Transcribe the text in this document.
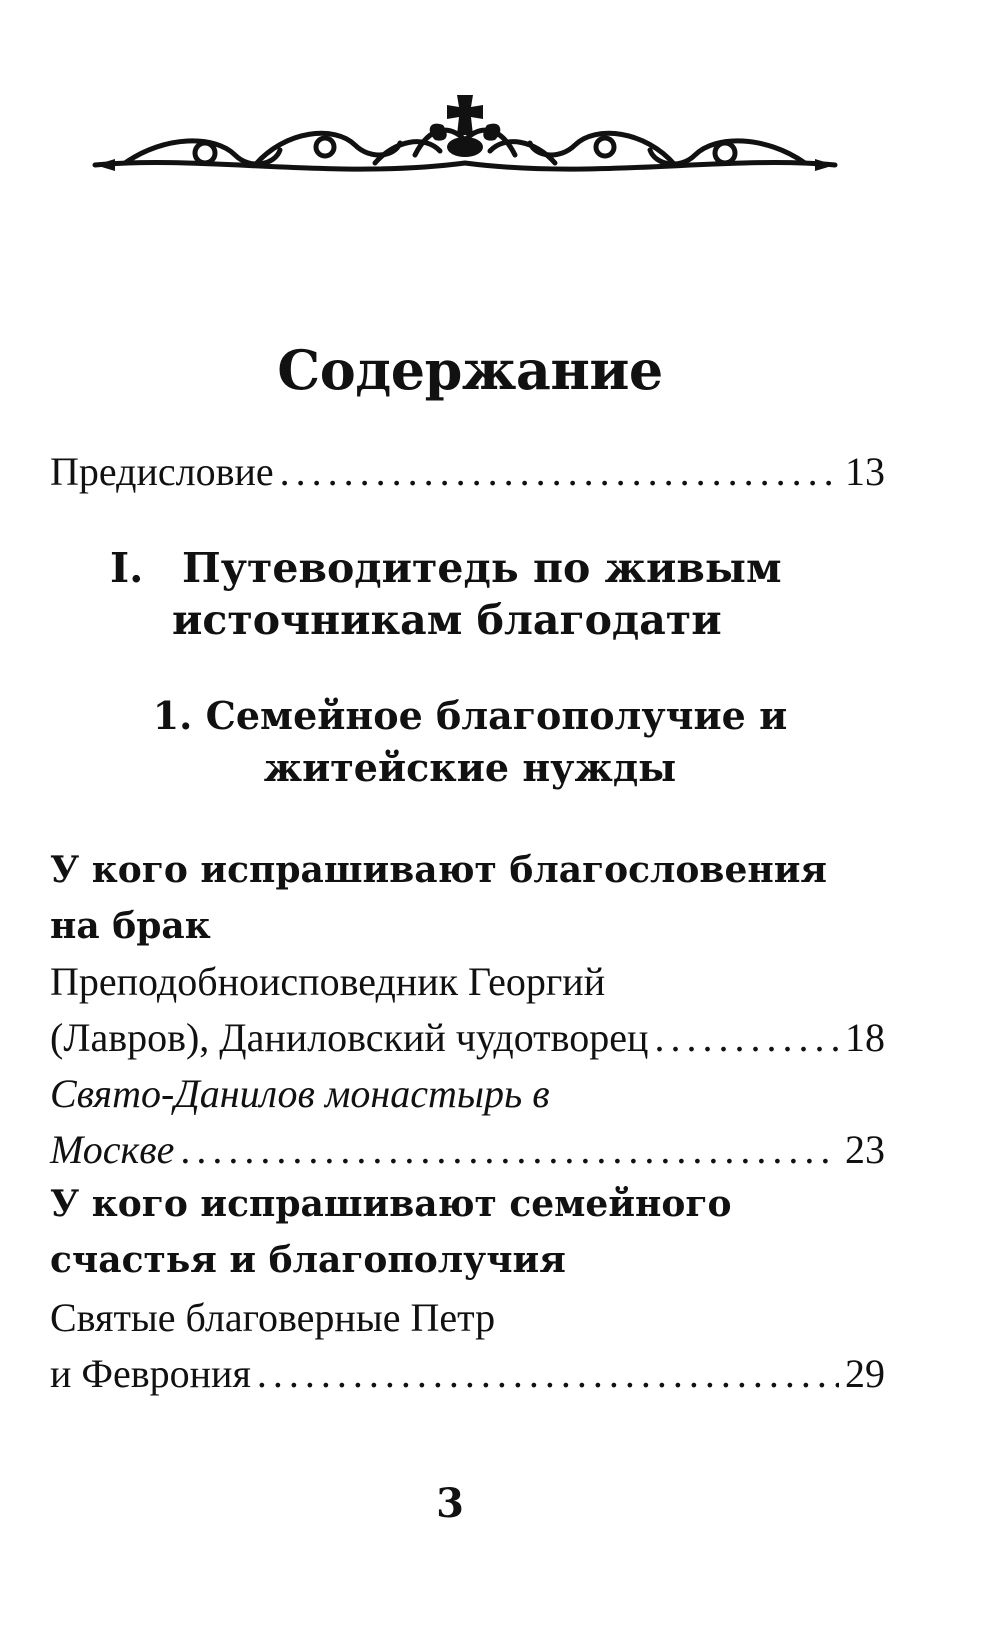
Содержание
Предисловие . . .	13
I. Путеводитедь по живым
источникам благодати
1. Семейное благополучие и
житейские нужды
У кого испрашивают благословения
на брак
Преподобноисповедник Георгий
(Лавров), Даниловский чудотворец . . .	18
Свято-Данилов монастырь в
Москве . . .	23
У кого испрашивают семейного
счастья и благополучия
Святые благоверные Петр
и Феврония . . .	29
3
